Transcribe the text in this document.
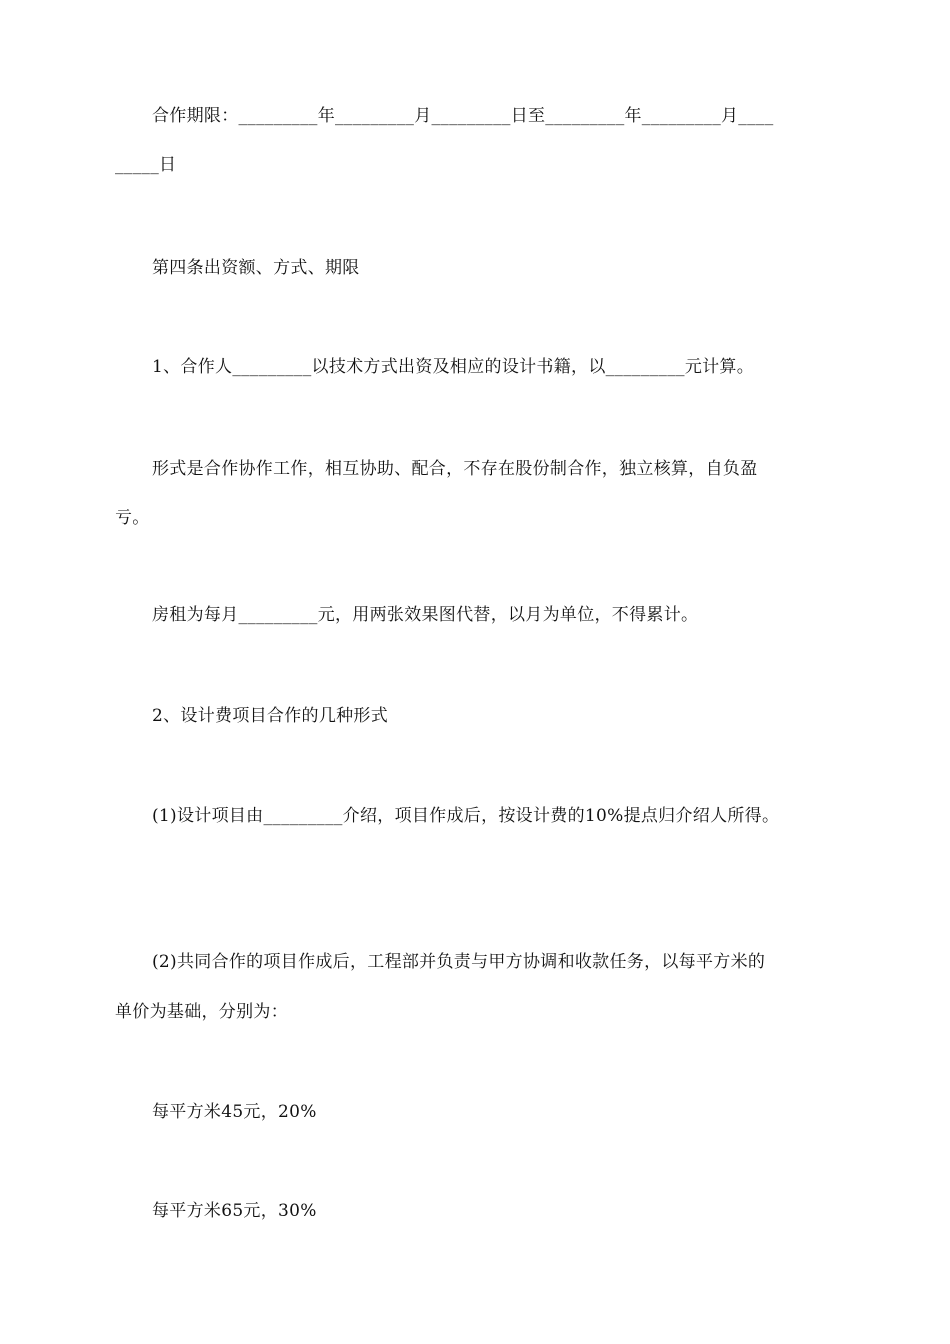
合作期限：_________年_________月_________日至_________年_________月____
_____日
第四条出资额、方式、期限
1、合作人_________以技术方式出资及相应的设计书籍，以_________元计算。
形式是合作协作工作，相互协助、配合，不存在股份制合作，独立核算，自负盈
亏。
房租为每月_________元，用两张效果图代替，以月为单位，不得累计。
2、设计费项目合作的几种形式
(1)设计项目由_________介绍，项目作成后，按设计费的10%提点归介绍人所得。
(2)共同合作的项目作成后，工程部并负责与甲方协调和收款任务，以每平方米的
单价为基础，分别为：
每平方米45元，20%
每平方米65元，30%
